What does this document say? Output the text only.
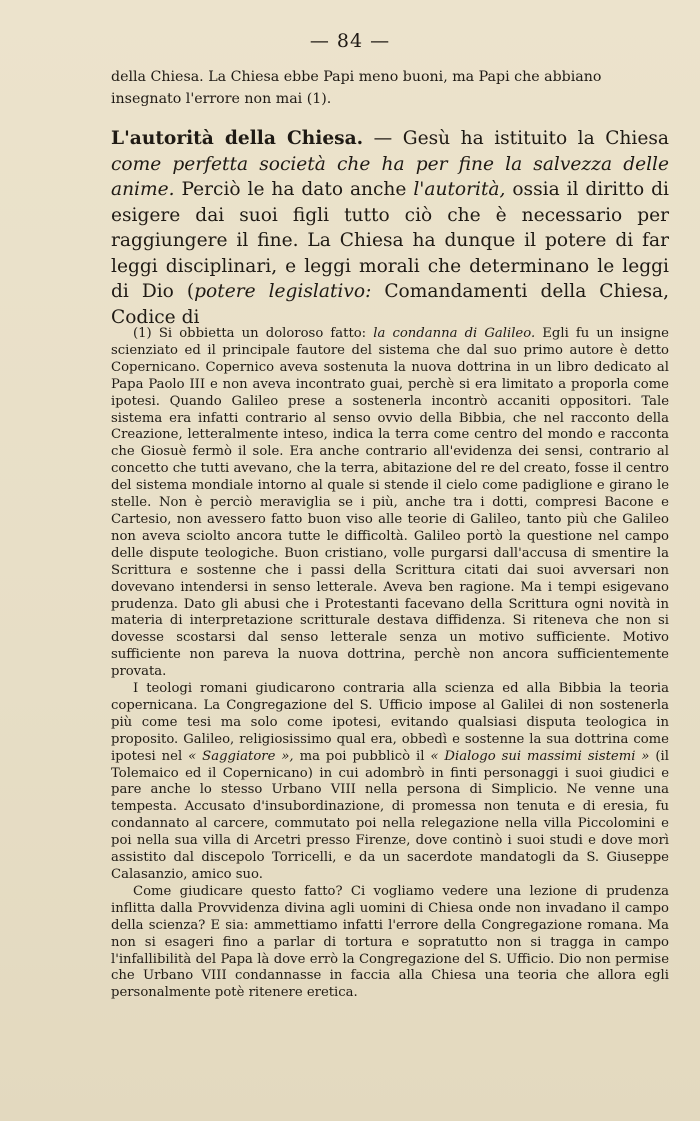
— 84 —
della Chiesa. La Chiesa ebbe Papi meno buoni, ma Papi che abbiano
insegnato l'errore non mai (1).
L'autorità della Chiesa. — Gesù ha istituito la Chiesa come perfetta società che ha per fine la salvezza delle anime. Perciò le ha dato anche l'autorità, ossia il diritto di esigere dai suoi figli tutto ciò che è necessario per raggiungere il fine. La Chiesa ha dunque il potere di far leggi disciplinari, e leggi morali che determinano le leggi di Dio (potere legislativo: Comandamenti della Chiesa, Codice di

(1) Si obbietta un doloroso fatto: la condanna di Galileo. Egli fu un insigne scienziato ed il principale fautore del sistema che dal suo primo autore è detto Copernicano. Copernico aveva sostenuta la nuova dottrina in un libro dedicato al Papa Paolo III e non aveva incontrato guai, perchè si era limitato a proporla come ipotesi. Quando Galileo prese a sostenerla incontrò accaniti oppositori. Tale sistema era infatti contrario al senso ovvio della Bibbia, che nel racconto della Creazione, letteralmente inteso, indica la terra come centro del mondo e racconta che Giosuè fermò il sole. Era anche contrario all'evidenza dei sensi, contrario al concetto che tutti avevano, che la terra, abitazione del re del creato, fosse il centro del sistema mondiale intorno al quale si stende il cielo come padiglione e girano le stelle. Non è perciò meraviglia se i più, anche tra i dotti, compresi Bacone e Cartesio, non avessero fatto buon viso alle teorie di Galileo, tanto più che Galileo non aveva sciolto ancora tutte le difficoltà. Galileo portò la questione nel campo delle dispute teologiche. Buon cristiano, volle purgarsi dall'accusa di smentire la Scrittura e sostenne che i passi della Scrittura citati dai suoi avversari non dovevano intendersi in senso letterale. Aveva ben ragione. Ma i tempi esigevano prudenza. Dato gli abusi che i Protestanti facevano della Scrittura ogni novità in materia di interpretazione scritturale destava diffidenza. Si riteneva che non si dovesse scostarsi dal senso letterale senza un motivo sufficiente. Motivo sufficiente non pareva la nuova dottrina, perchè non ancora sufficientemente provata.

I teologi romani giudicarono contraria alla scienza ed alla Bibbia la teoria copernicana. La Congregazione del S. Ufficio impose al Galilei di non sostenerla più come tesi ma solo come ipotesi, evitando qualsiasi disputa teologica in proposito. Galileo, religiosissimo qual era, obbedì e sostenne la sua dottrina come ipotesi nel « Saggiatore », ma poi pubblicò il « Dialogo sui massimi sistemi » (il Tolemaico ed il Copernicano) in cui adombrò in finti personaggi i suoi giudici e pare anche lo stesso Urbano VIII nella persona di Simplicio. Ne venne una tempesta. Accusato d'insubordinazione, di promessa non tenuta e di eresia, fu condannato al carcere, commutato poi nella relegazione nella villa Piccolomini e poi nella sua villa di Arcetri presso Firenze, dove continò i suoi studi e dove morì assistito dal discepolo Torricelli, e da un sacerdote mandatogli da S. Giuseppe Calasanzio, amico suo.

Come giudicare questo fatto? Ci vogliamo vedere una lezione di prudenza inflitta dalla Provvidenza divina agli uomini di Chiesa onde non invadano il campo della scienza? E sia: ammettiamo infatti l'errore della Congregazione romana. Ma non si esageri fino a parlar di tortura e sopratutto non si tragga in campo l'infallibilità del Papa là dove errò la Congregazione del S. Ufficio. Dio non permise che Urbano VIII condannasse in faccia alla Chiesa una teoria che allora egli personalmente potè ritenere eretica.
